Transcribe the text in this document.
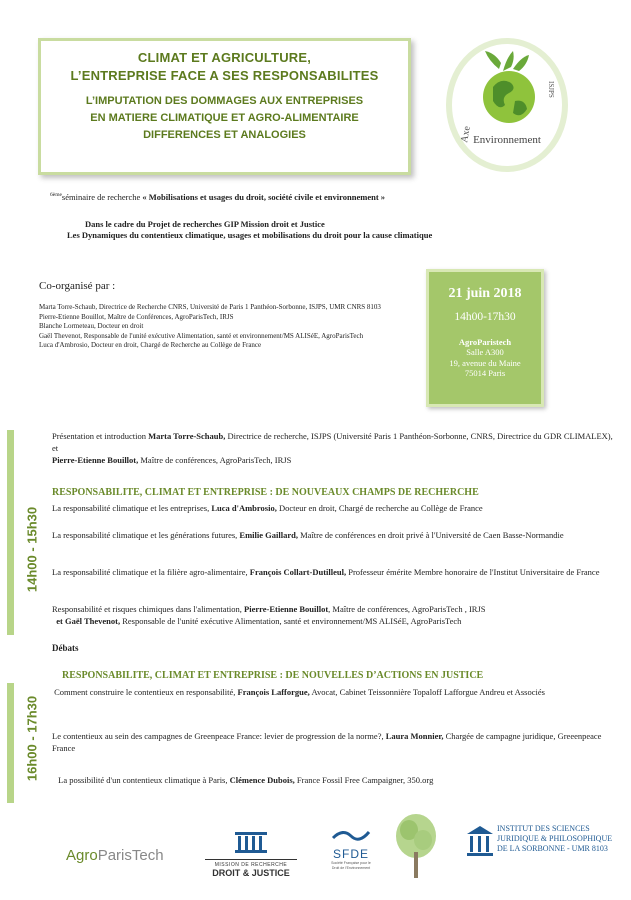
CLIMAT ET AGRICULTURE,
L’ENTREPRISE FACE A SES RESPONSABILITES
L’IMPUTATION DES DOMMAGES AUX ENTREPRISES
EN MATIERE CLIMATIQUE ET AGRO-ALIMENTAIRE
DIFFERENCES ET ANALOGIES	Axe
ISJPS
Environnement
$^{6ème}$séminaire de recherche « Mobilisations et usages du droit, société civile et environnement »
Dans le cadre du Projet de recherches GIP Mission droit et Justice
Les Dynamiques du contentieux climatique, usages et mobilisations du droit pour la cause climatique
Co-organisé par :
Marta Torre-Schaub, Directrice de Recherche CNRS, Université de Paris 1 Panthéon-Sorbonne, ISJPS, UMR CNRS 8103
Pierre-Etienne Bouillot, Maître de Conférences, AgroParisTech, IRJS
Blanche Lormeteau, Docteur en droit
Gaël Thevenot, Responsable de l'unité exécutive Alimentation, santé et environnement/MS ALISéE, AgroParisTech
Luca d'Ambrosio, Docteur en droit, Chargé de Recherche au Collège de France
21 juin 2018
14h00-17h30
AgroParistech
Salle A300
19, avenue du Maine
75014 Paris
14h00 - 15h30
16h00 - 17h30
Présentation et introduction Marta Torre-Schaub, Directrice de recherche, ISJPS (Université Paris 1 Panthéon-Sorbonne, CNRS, Directrice du GDR CLIMALEX), et
Pierre-Etienne Bouillot, Maître de conférences, AgroParisTech, IRJS
RESPONSABILITE, CLIMAT ET ENTREPRISE : DE NOUVEAUX CHAMPS DE RECHERCHE
La responsabilité climatique et les entreprises, Luca d'Ambrosio, Docteur en droit, Chargé de recherche au Collège de France
La responsabilité climatique et les générations futures, Emilie Gaillard, Maître de conférences en droit privé à l'Université de Caen Basse-Normandie
La responsabilité climatique et la filière agro-alimentaire, François Collart-Dutilleul, Professeur émérite Membre honoraire de l'Institut Universitaire de France
Responsabilité et risques chimiques dans l'alimentation, Pierre-Etienne Bouillot, Maître de conférences, AgroParisTech , IRJS
et Gaël Thevenot, Responsable de l'unité exécutive Alimentation, santé et environnement/MS ALISéE, AgroParisTech
Débats
RESPONSABILITE, CLIMAT ET ENTREPRISE : DE NOUVELLES D’ACTIONS EN JUSTICE
Comment construire le contentieux en responsabilité, François Lafforgue, Avocat, Cabinet Teissonnière Topaloff Lafforgue Andreu et Associés
Le contentieux au sein des campagnes de Greenpeace France: levier de progression de la norme?, Laura Monnier, Chargée de campagne juridique, Greeenpeace France
La possibilité d'un contentieux climatique à Paris, Clémence Dubois, France Fossil Free Campaigner, 350.org
AgroParisTech
MISSION DE RECHERCHE
DROIT & JUSTICE
SFDE
Société Française pour le
Droit de l'Environnement

INSTITUT DES SCIENCES
JURIDIQUE & PHILOSOPHIQUE
DE LA SORBONNE - UMR 8103
